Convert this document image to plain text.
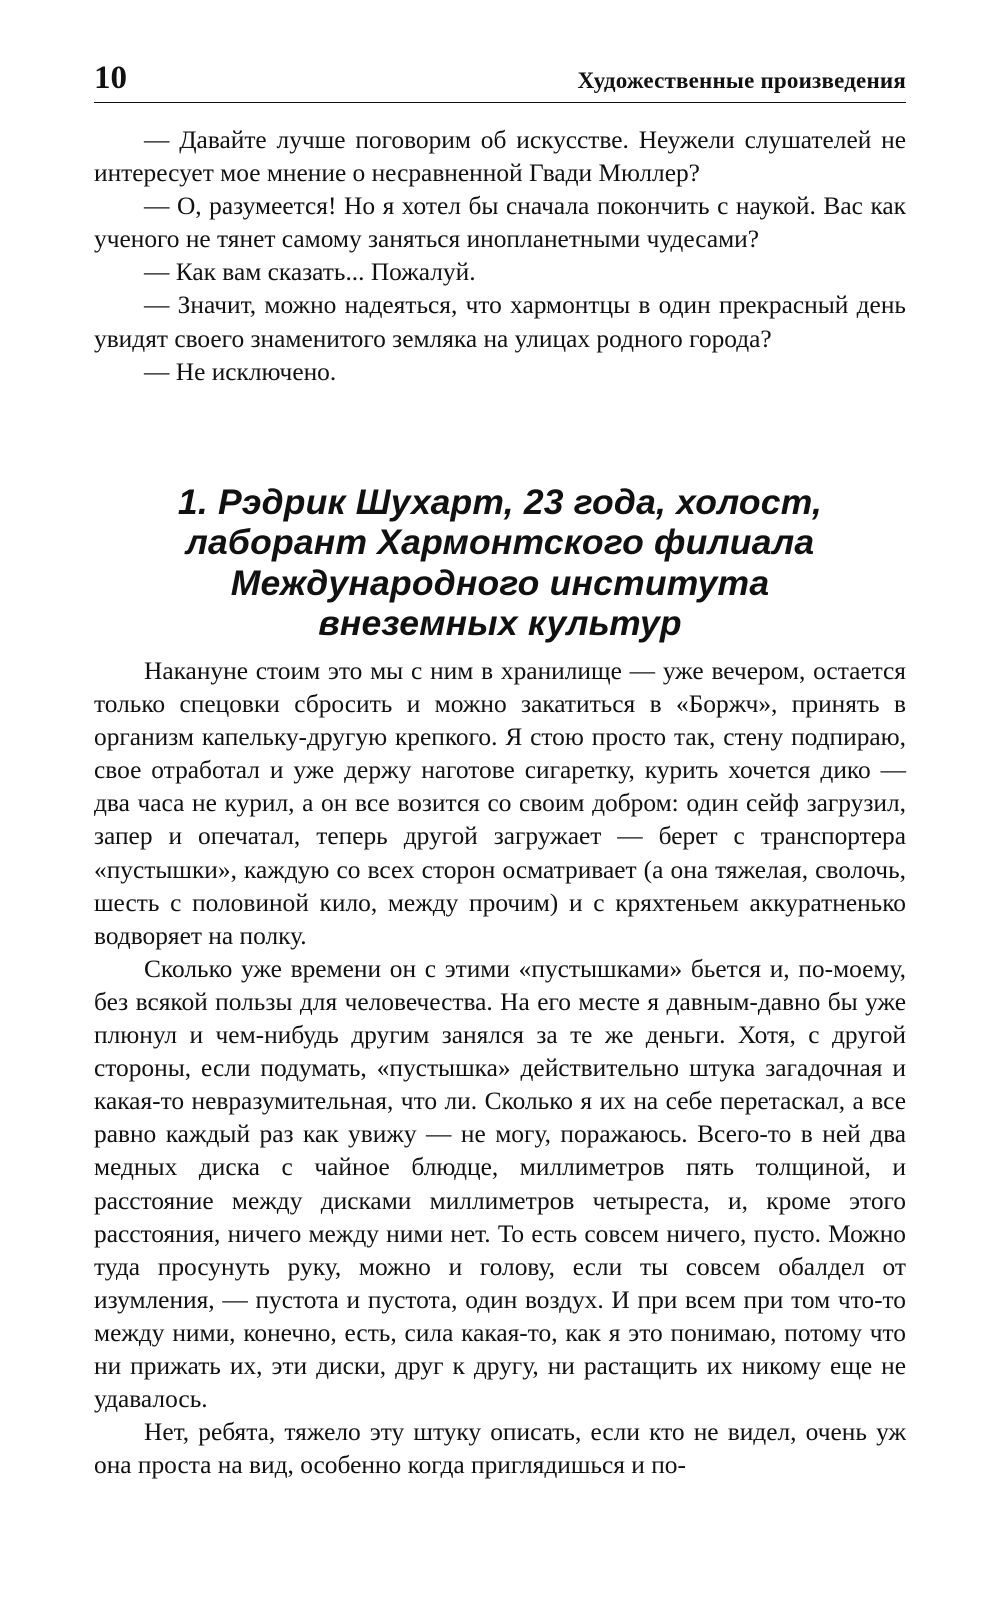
10	Художественные произведения

— Давайте лучше поговорим об искусстве. Неужели слушателей не интересует мое мнение о несравненной Гвади Мюллер?

— О, разумеется! Но я хотел бы сначала покончить с наукой. Вас как ученого не тянет самому заняться инопланетными чудесами?

— Как вам сказать... Пожалуй.

— Значит, можно надеяться, что хармонтцы в один прекрасный день увидят своего знаменитого земляка на улицах родного города?

— Не исключено.

1. Рэдрик Шухарт, 23 года, холост,
лаборант Хармонтского филиала
Международного института
внеземных культур

Накануне стоим это мы с ним в хранилище — уже вечером, остается только спецовки сбросить и можно закатиться в «Боржч», принять в организм капельку-другую крепкого. Я стою просто так, стену подпираю, свое отработал и уже держу наготове сигаретку, курить хочется дико — два часа не курил, а он все возится со своим добром: один сейф загрузил, запер и опечатал, теперь другой загружает — берет с транспортера «пустышки», каждую со всех сторон осматривает (а она тяжелая, сволочь, шесть с половиной кило, между прочим) и с кряхтеньем аккуратненько водворяет на полку.

Сколько уже времени он с этими «пустышками» бьется и, по-моему, без всякой пользы для человечества. На его месте я давным-давно бы уже плюнул и чем-нибудь другим занялся за те же деньги. Хотя, с другой стороны, если подумать, «пустышка» действительно штука загадочная и какая-то невразумительная, что ли. Сколько я их на себе перетаскал, а все равно каждый раз как увижу — не могу, поражаюсь. Всего-то в ней два медных диска с чайное блюдце, миллиметров пять толщиной, и расстояние между дисками миллиметров четыреста, и, кроме этого расстояния, ничего между ними нет. То есть совсем ничего, пусто. Можно туда просунуть руку, можно и голову, если ты совсем обалдел от изумления, — пустота и пустота, один воздух. И при всем при том что-то между ними, конечно, есть, сила какая-то, как я это понимаю, потому что ни прижать их, эти диски, друг к другу, ни растащить их никому еще не удавалось.

Нет, ребята, тяжело эту штуку описать, если кто не видел, очень уж она проста на вид, особенно когда приглядишься и по-
